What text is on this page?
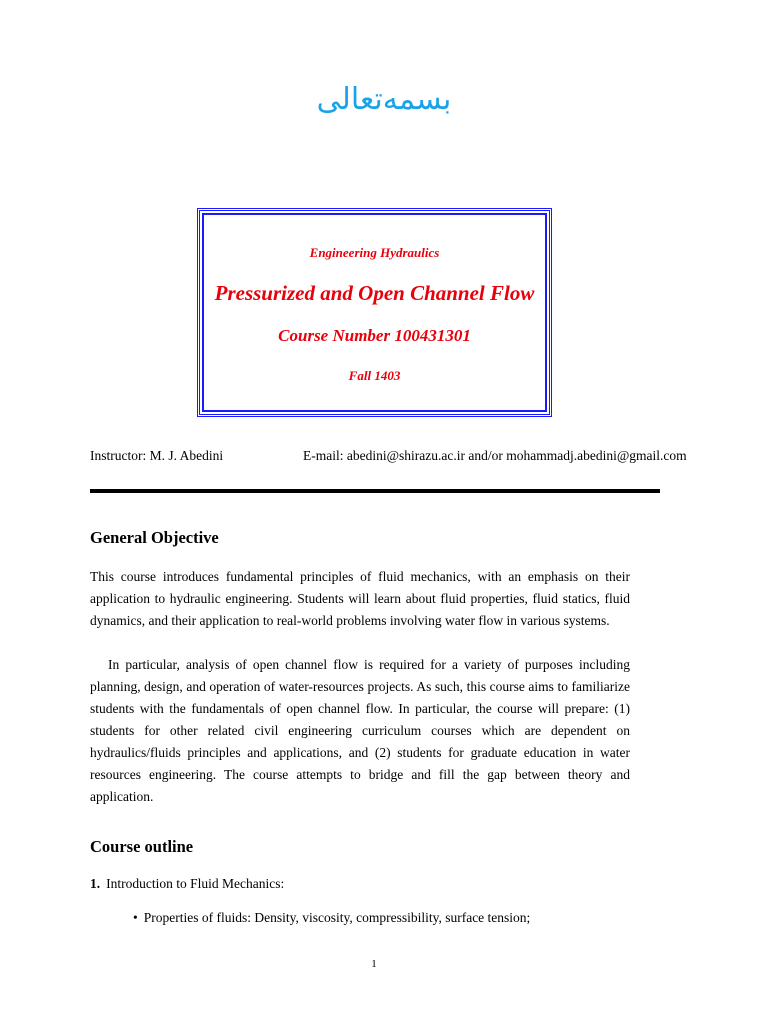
بسمه‌تعالی
Engineering Hydraulics
Pressurized and Open Channel Flow
Course Number 100431301
Fall 1403
Instructor: M. J. Abedini	E-mail: abedini@shirazu.ac.ir and/or mohammadj.abedini@gmail.com
General Objective

This course introduces fundamental principles of fluid mechanics, with an emphasis on their application to hydraulic engineering. Students will learn about fluid properties, fluid statics, fluid dynamics, and their application to real-world problems involving water flow in various systems.

In particular, analysis of open channel flow is required for a variety of purposes including planning, design, and operation of water-resources projects. As such, this course aims to familiarize students with the fundamentals of open channel flow. In particular, the course will prepare: (1) students for other related civil engineering curriculum courses which are dependent on hydraulics/fluids principles and applications, and (2) students for graduate education in water resources engineering. The course attempts to bridge and fill the gap between theory and application.

Course outline
1. Introduction to Fluid Mechanics:
• Properties of fluids: Density, viscosity, compressibility, surface tension;
1
